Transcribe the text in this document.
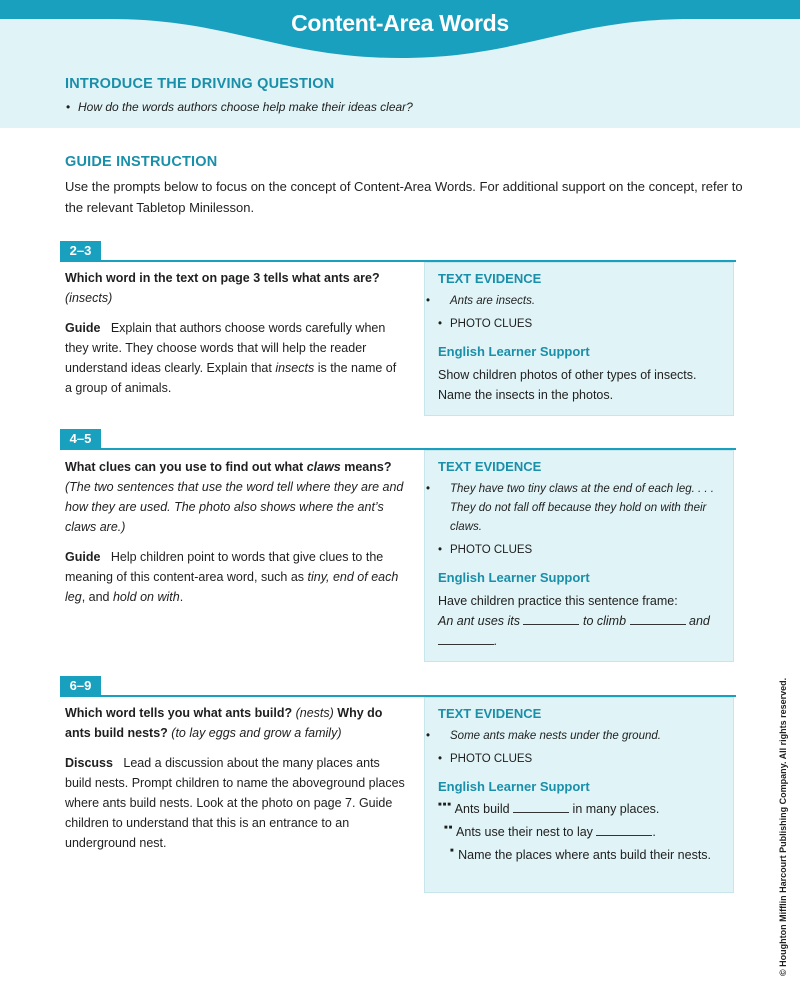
Content-Area Words
INTRODUCE THE DRIVING QUESTION
• How do the words authors choose help make their ideas clear?
GUIDE INSTRUCTION
Use the prompts below to focus on the concept of Content-Area Words. For additional support on the concept, refer to the relevant Tabletop Minilesson.
2–3

Which word in the text on page 3 tells what ants are?
(insects)

Guide Explain that authors choose words carefully when they write. They choose words that will help the reader understand ideas clearly. Explain that insects is the name of a group of animals.

TEXT EVIDENCE
• Ants are insects.
• PHOTO CLUES
English Learner Support

Show children photos of other types of insects. Name the insects in the photos.

4–5

What clues can you use to find out what claws means? (The two sentences that use the word tell where they are and how they are used. The photo also shows where the ant’s claws are.)

Guide Help children point to words that give clues to the meaning of this content-area word, such as tiny, end of each leg, and hold on with.

TEXT EVIDENCE
• They have two tiny claws at the end of each leg. . . . They do not fall off because they hold on with their claws.
• PHOTO CLUES
English Learner Support

Have children practice this sentence frame:

An ant uses its	to climb	and
.

6–9

Which word tells you what ants build? (nests) Why do ants build nests? (to lay eggs and grow a family)

Discuss Lead a discussion about the many places ants build nests. Prompt children to name the aboveground places where ants build nests. Look at the photo on page 7. Guide children to understand that this is an entrance to an underground nest.

TEXT EVIDENCE
• Some ants make nests under the ground.
• PHOTO CLUES
English Learner Support

■■■ Ants build	in many places.

■■ Ants use their nest to lay	.

■ Name the places where ants build their nests.	© Houghton Mifflin Harcourt Publishing Company. All rights reserved.
